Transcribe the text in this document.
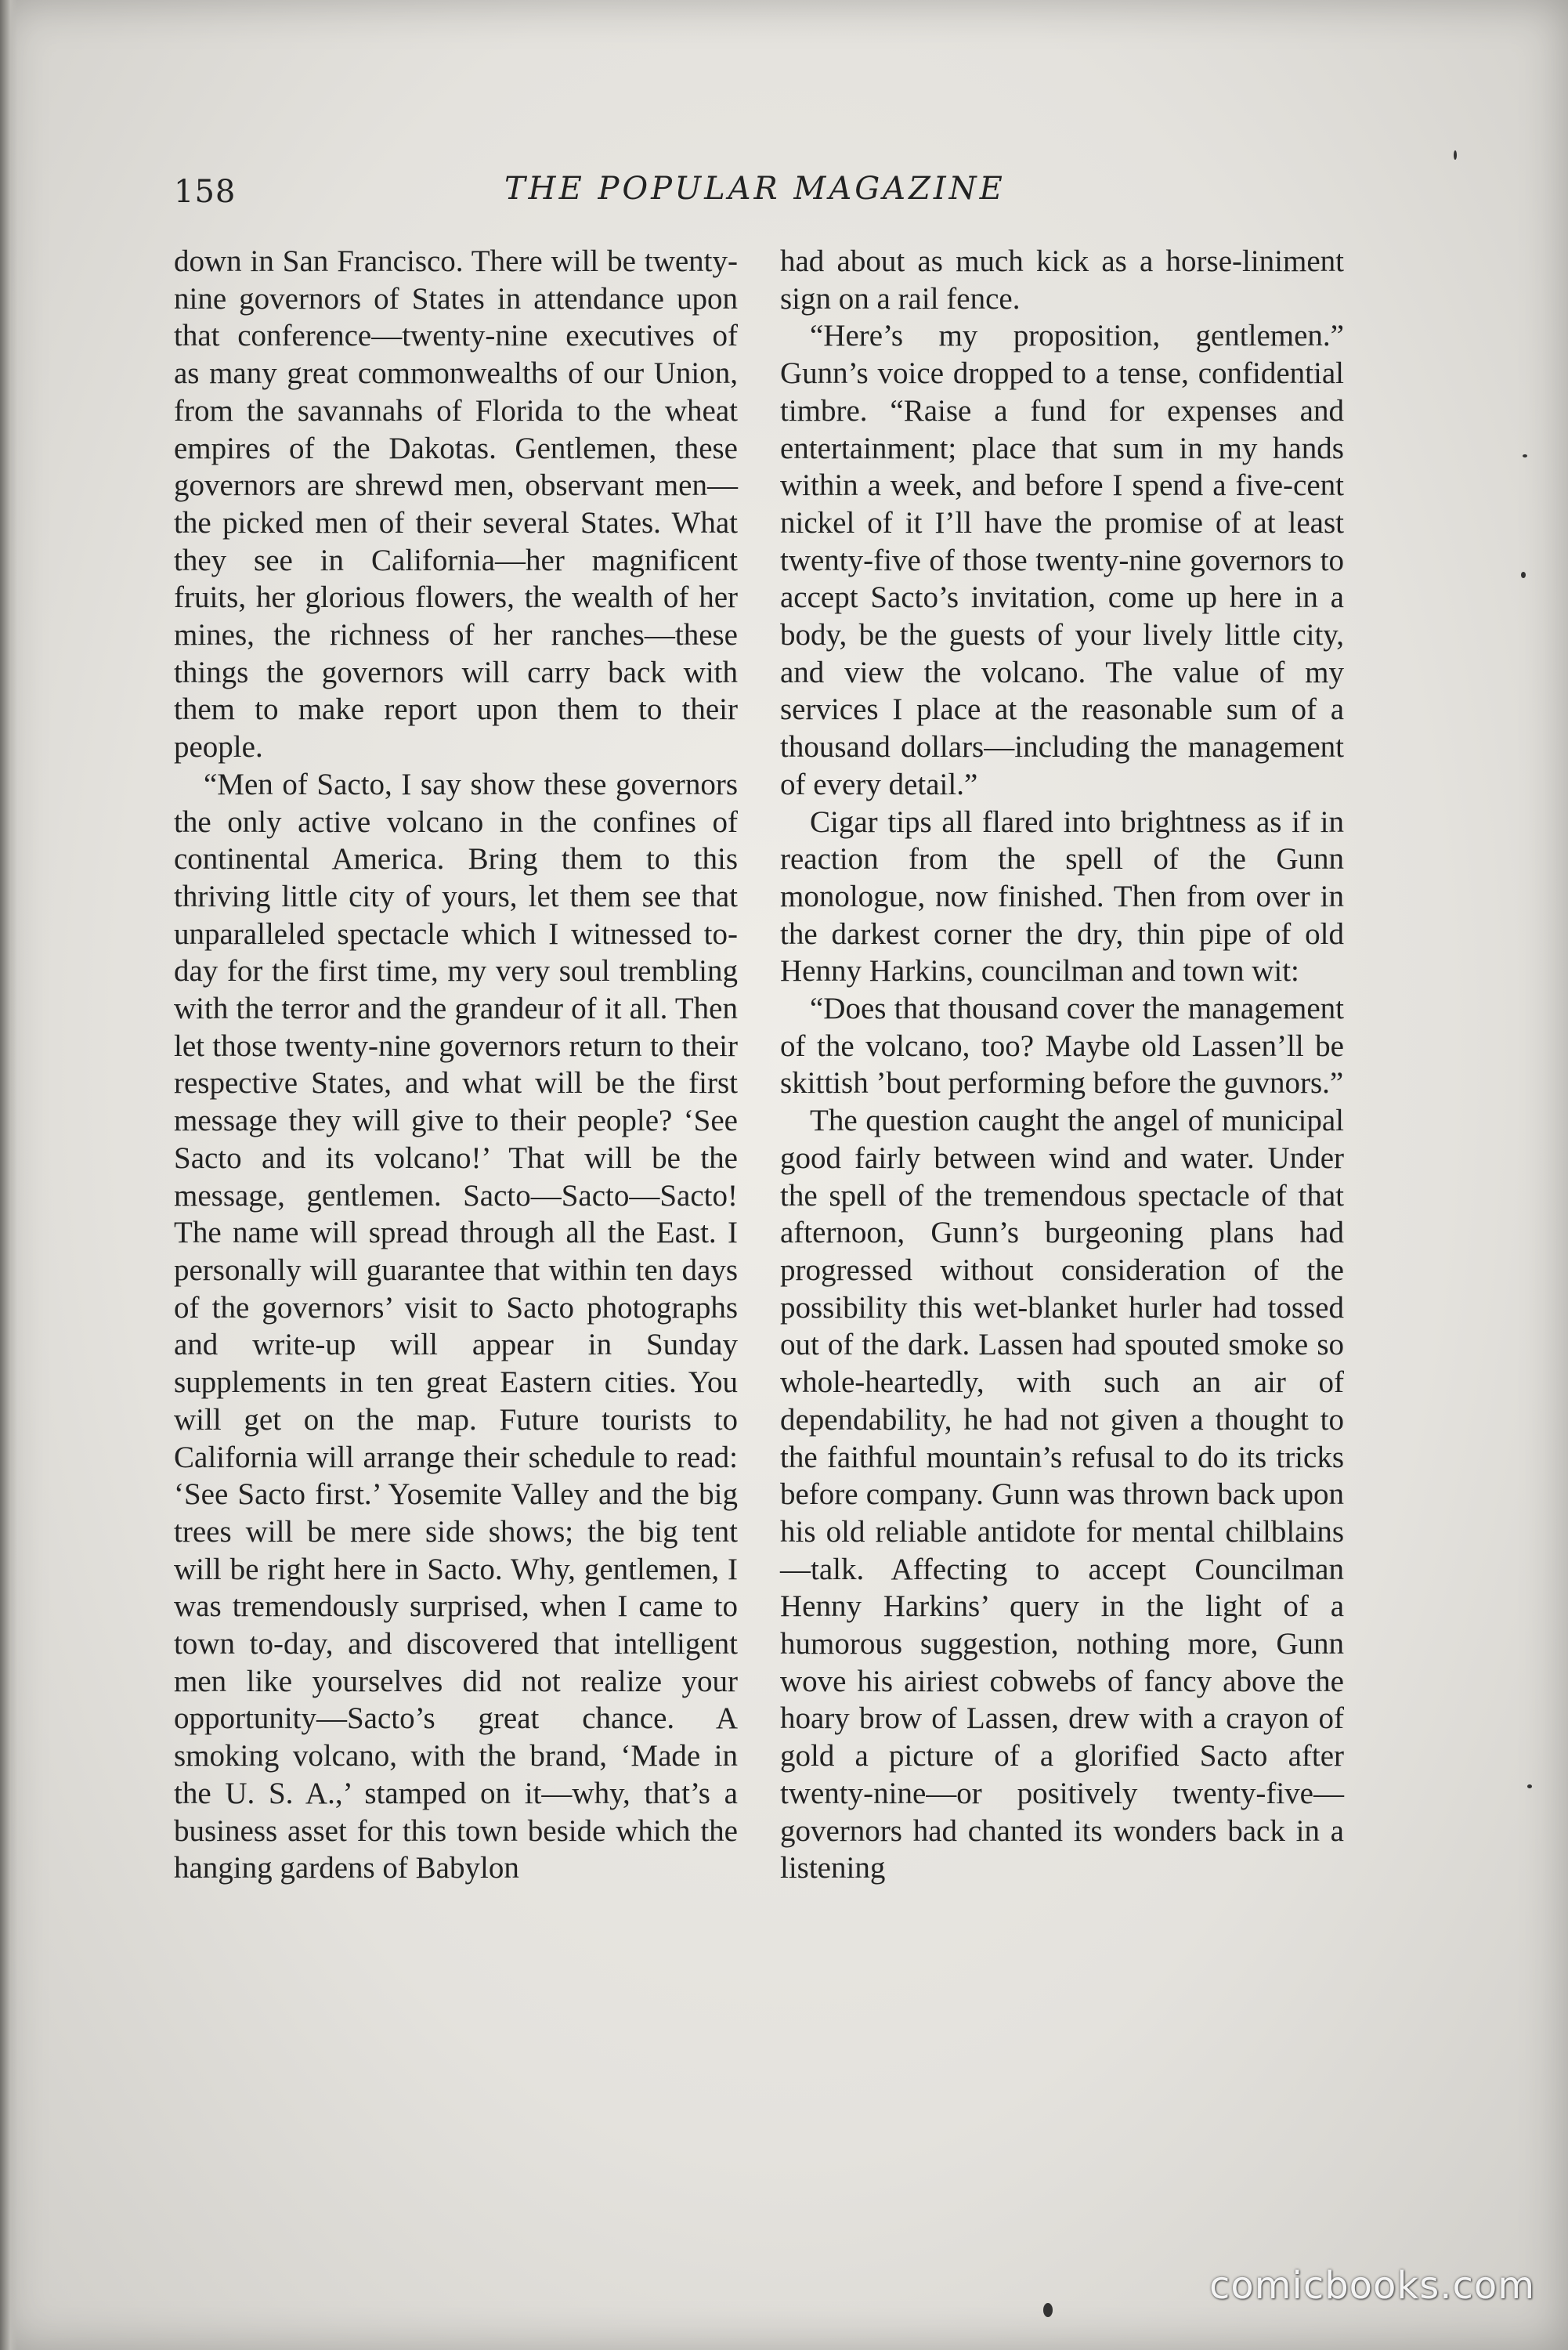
158	THE POPULAR MAGAZINE

down in San Francisco. There will be twenty-nine governors of States in attendance upon that conference—twenty-nine executives of as many great commonwealths of our Union, from the savannahs of Florida to the wheat empires of the Dakotas. Gentlemen, these governors are shrewd men, observant men—the picked men of their several States. What they see in California—her magnificent fruits, her glorious flowers, the wealth of her mines, the richness of her ranches—these things the governors will carry back with them to make report upon them to their people.

“Men of Sacto, I say show these governors the only active volcano in the confines of continental America. Bring them to this thriving little city of yours, let them see that unparalleled spectacle which I witnessed to-day for the first time, my very soul trembling with the terror and the grandeur of it all. Then let those twenty-nine governors return to their respective States, and what will be the first message they will give to their people? ‘See Sacto and its volcano!’ That will be the message, gentlemen. Sacto—Sacto—Sacto! The name will spread through all the East. I personally will guarantee that within ten days of the governors’ visit to Sacto photographs and write-up will appear in Sunday supplements in ten great Eastern cities. You will get on the map. Future tourists to California will arrange their schedule to read: ‘See Sacto first.’ Yosemite Valley and the big trees will be mere side shows; the big tent will be right here in Sacto. Why, gentlemen, I was tremendously surprised, when I came to town to-day, and discovered that intelligent men like yourselves did not realize your opportunity—Sacto’s great chance. A smoking volcano, with the brand, ‘Made in the U. S. A.,’ stamped on it—why, that’s a business asset for this town beside which the hanging gardens of Babylon

had about as much kick as a horse-liniment sign on a rail fence.

“Here’s my proposition, gentlemen.” Gunn’s voice dropped to a tense, confidential timbre. “Raise a fund for expenses and entertainment; place that sum in my hands within a week, and before I spend a five-cent nickel of it I’ll have the promise of at least twenty-five of those twenty-nine governors to accept Sacto’s invitation, come up here in a body, be the guests of your lively little city, and view the volcano. The value of my services I place at the reasonable sum of a thousand dollars—including the management of every detail.”

Cigar tips all flared into brightness as if in reaction from the spell of the Gunn monologue, now finished. Then from over in the darkest corner the dry, thin pipe of old Henny Harkins, councilman and town wit:

“Does that thousand cover the management of the volcano, too? Maybe old Lassen’ll be skittish ’bout performing before the guvnors.”

The question caught the angel of municipal good fairly between wind and water. Under the spell of the tremendous spectacle of that afternoon, Gunn’s burgeoning plans had progressed without consideration of the possibility this wet-blanket hurler had tossed out of the dark. Lassen had spouted smoke so whole-heartedly, with such an air of dependability, he had not given a thought to the faithful mountain’s refusal to do its tricks before company. Gunn was thrown back upon his old reliable antidote for mental chilblains—talk. Affecting to accept Councilman Henny Harkins’ query in the light of a humorous suggestion, nothing more, Gunn wove his airiest cobwebs of fancy above the hoary brow of Lassen, drew with a crayon of gold a picture of a glorified Sacto after twenty-nine—or positively twenty-five—governors had chanted its wonders back in a listening

comicbooks.com
